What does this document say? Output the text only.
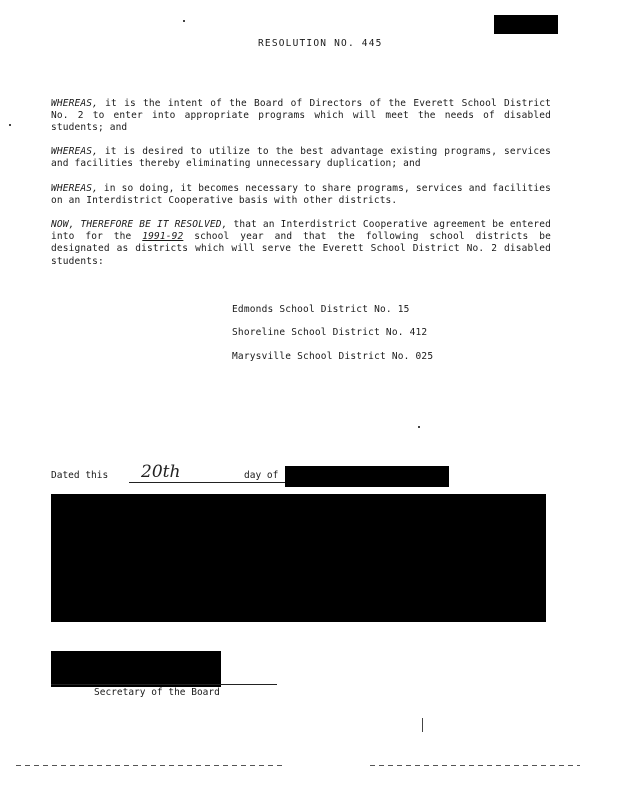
RESOLUTION NO. 445
WHEREAS, it is the intent of the Board of Directors of the Everett School District No. 2 to enter into appropriate programs which will meet the needs of disabled students; and
WHEREAS, it is desired to utilize to the best advantage existing programs, services and facilities thereby eliminating unnecessary duplication; and
WHEREAS, in so doing, it becomes necessary to share programs, services and facilities on an Interdistrict Cooperative basis with other districts.
NOW, THEREFORE BE IT RESOLVED, that an Interdistrict Cooperative agreement be entered into for the 1991-92 school year and that the following school districts be designated as districts which will serve the Everett School District No. 2 disabled students:
Edmonds School District No. 15
Shoreline School District No. 412
Marysville School District No. 025
Dated this 20th	day of
Secretary of the Board
